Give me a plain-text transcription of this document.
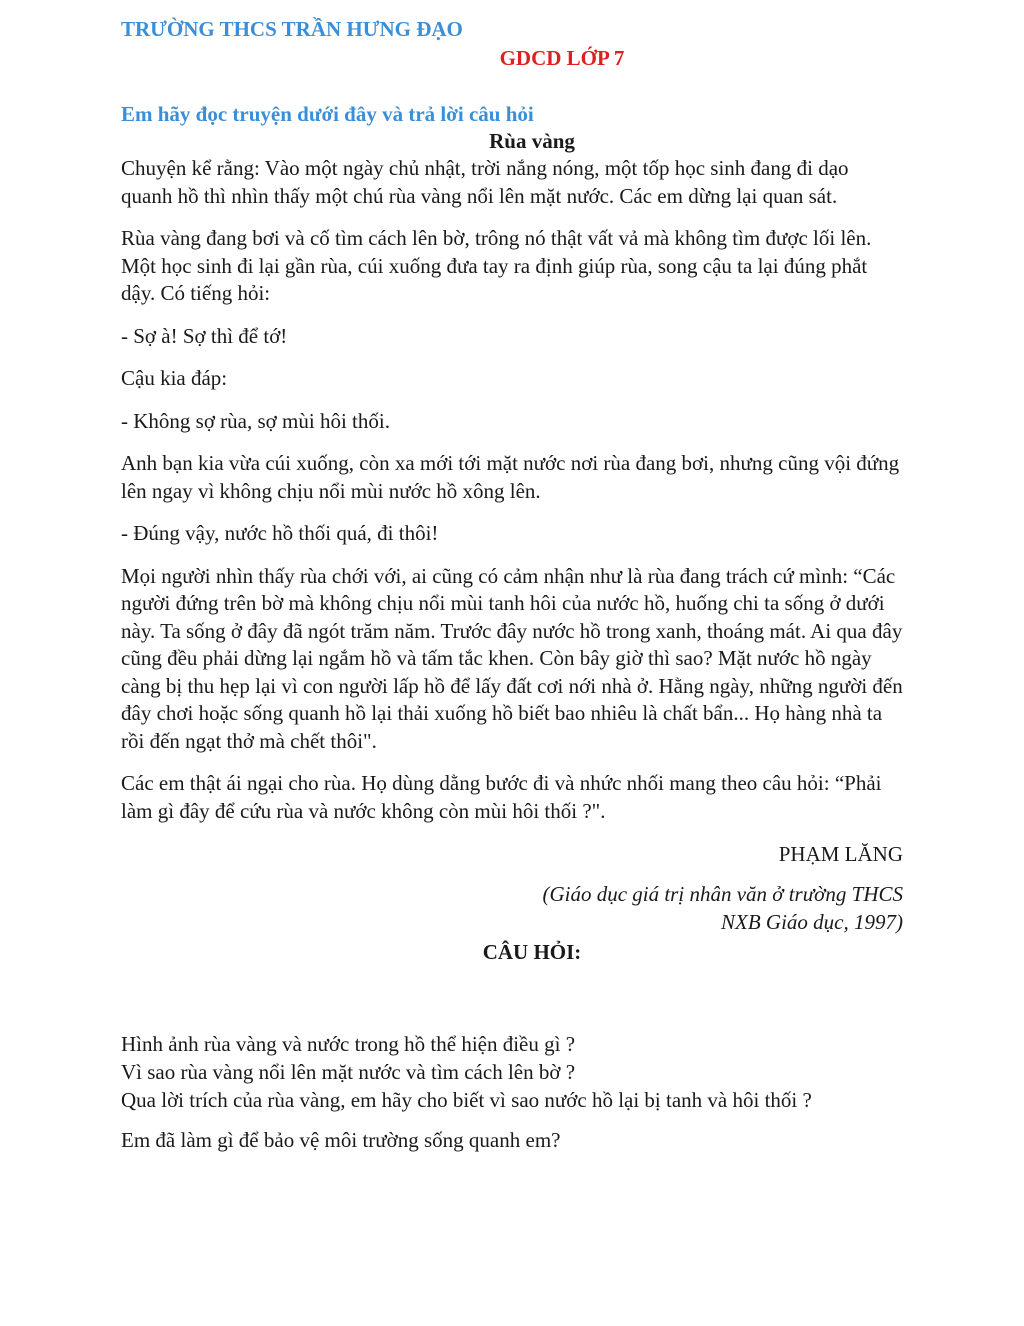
TRƯỜNG THCS TRẦN HƯNG ĐẠO
GDCD LỚP 7
Em hãy đọc truyện dưới đây và trả lời câu hỏi
Rùa vàng

Chuyện kể rằng: Vào một ngày chủ nhật, trời nắng nóng, một tốp học sinh đang đi dạo quanh hồ thì nhìn thấy một chú rùa vàng nổi lên mặt nước. Các em dừng lại quan sát.

Rùa vàng đang bơi và cố tìm cách lên bờ, trông nó thật vất vả mà không tìm được lối lên. Một học sinh đi lại gần rùa, cúi xuống đưa tay ra định giúp rùa, song cậu ta lại đúng phắt dậy. Có tiếng hỏi:

- Sợ à! Sợ thì để tớ!

Cậu kia đáp:

- Không sợ rùa, sợ mùi hôi thối.

Anh bạn kia vừa cúi xuống, còn xa mới tới mặt nước nơi rùa đang bơi, nhưng cũng vội đứng lên ngay vì không chịu nổi mùi nước hồ xông lên.

- Đúng vậy, nước hồ thối quá, đi thôi!

Mọi người nhìn thấy rùa chới với, ai cũng có cảm nhận như là rùa đang trách cứ mình: “Các người đứng trên bờ mà không chịu nổi mùi tanh hôi của nước hồ, huống chi ta sống ở dưới này. Ta sống ở đây đã ngót trăm năm. Trước đây nước hồ trong xanh, thoáng mát. Ai qua đây cũng đều phải dừng lại ngắm hồ và tấm tắc khen. Còn bây giờ thì sao? Mặt nước hồ ngày càng bị thu hẹp lại vì con người lấp hồ để lấy đất cơi nới nhà ở. Hằng ngày, những người đến đây chơi hoặc sống quanh hồ lại thải xuống hồ biết bao nhiêu là chất bẩn... Họ hàng nhà ta rồi đến ngạt thở mà chết thôi".

Các em thật ái ngại cho rùa. Họ dùng dằng bước đi và nhức nhối mang theo câu hỏi: “Phải làm gì đây để cứu rùa và nước không còn mùi hôi thối ?".

PHẠM LĂNG
(Giáo dục giá trị nhân văn ở trường THCS
NXB Giáo dục, 1997)
CÂU HỎI:
Hình ảnh rùa vàng và nước trong hồ thể hiện điều gì ?
Vì sao rùa vàng nổi lên mặt nước và tìm cách lên bờ ?
Qua lời trích của rùa vàng, em hãy cho biết vì sao nước hồ lại bị tanh và hôi thối ?
Em đã làm gì để bảo vệ môi trường sống quanh em?
